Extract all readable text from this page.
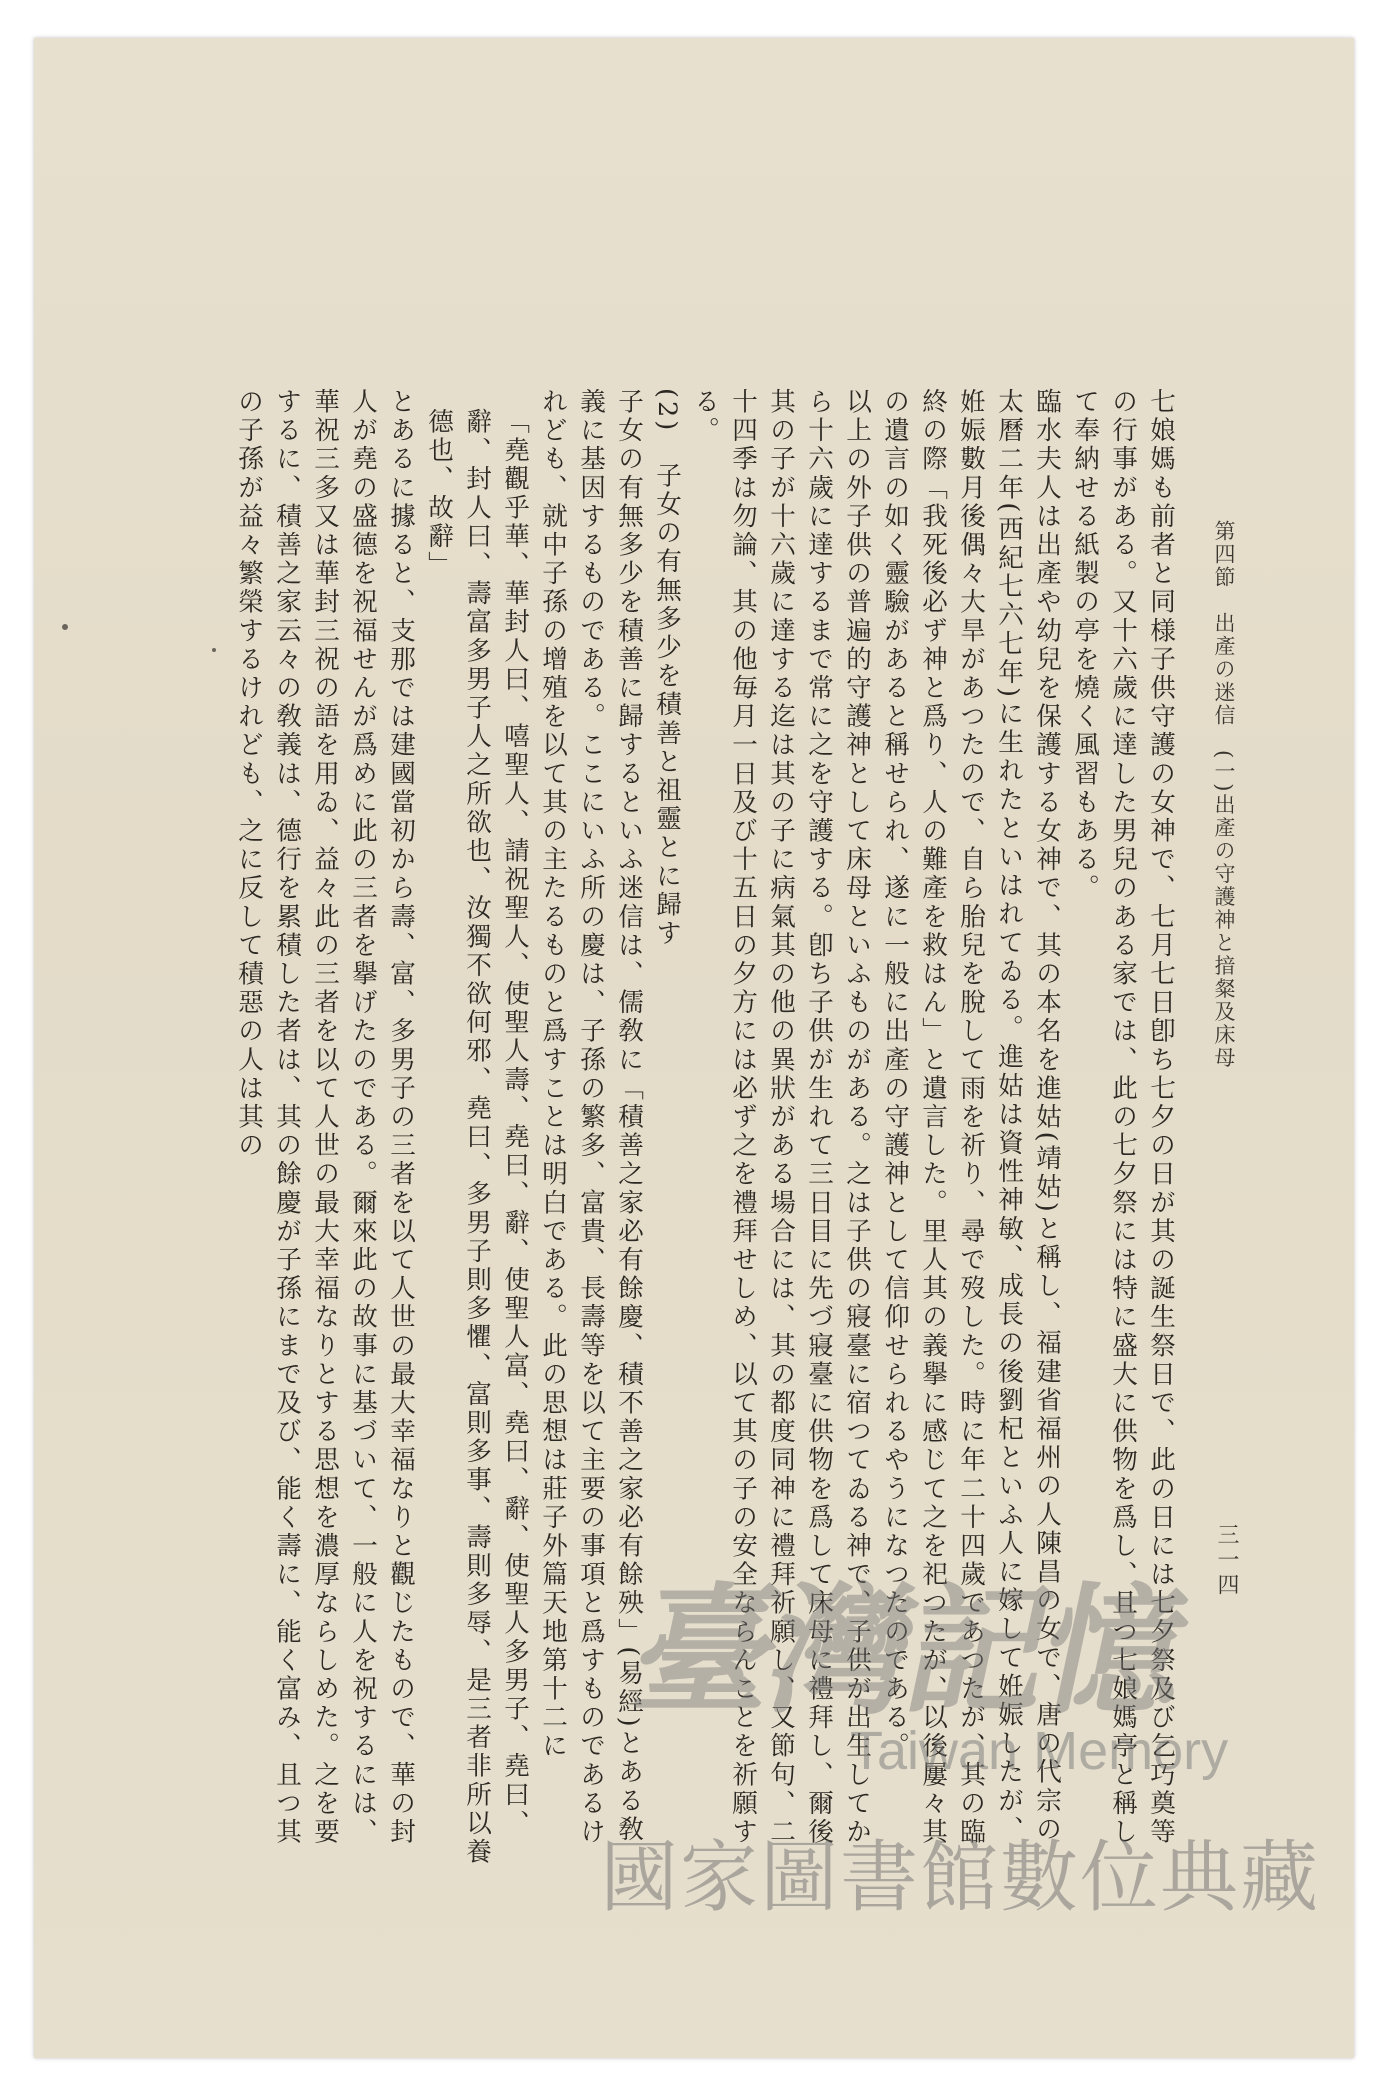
第四節　出產の迷信　(一)出產の守護神と揞粲及床母
三一四

七娘媽も前者と同様子供守護の女神で、七月七日卽ち七夕の日が其の誕生祭日で、此の日には七夕祭及び乞巧奠等の行事がある。又十六歲に達した男兒のある家では、此の七夕祭には特に盛大に供物を爲し、且つ七娘媽亭と稱して奉納せる紙製の亭を燒く風習もある。

臨水夫人は出產や幼兒を保護する女神で、其の本名を進姑(靖姑)と稱し、福建省福州の人陳昌の女で、唐の代宗の太曆二年(西紀七六七年)に生れたといはれてゐる。進姑は資性神敏、成長の後劉杞といふ人に嫁して姙娠したが、姙娠數月後偶々大旱があつたので、自ら胎兒を脫して雨を祈り、尋で歿した。時に年二十四歲であつたが、其の臨終の際「我死後必ず神と爲り、人の難產を救はん」と遺言した。里人其の義擧に感じて之を祀つたが、以後屢々其の遺言の如く靈驗があると稱せられ、遂に一般に出產の守護神として信仰せられるやうになつたのである。

以上の外子供の普遍的守護神として床母といふものがある。之は子供の寢臺に宿つてゐる神で、子供が出生してから十六歲に達するまで常に之を守護する。卽ち子供が生れて三日目に先づ寢臺に供物を爲して床母に禮拜し、爾後其の子が十六歲に達する迄は其の子に病氣其の他の異狀がある場合には、其の都度同神に禮拜祈願し、又節句、二十四季は勿論、其の他毎月一日及び十五日の夕方には必ず之を禮拜せしめ、以て其の子の安全ならんことを祈願する。

(2)　子女の有無多少を積善と祖靈とに歸す

子女の有無多少を積善に歸するといふ迷信は、儒敎に「積善之家必有餘慶、積不善之家必有餘殃」(易經)とある敎義に基因するものである。ここにいふ所の慶は、子孫の繁多、富貴、長壽等を以て主要の事項と爲すものであるけれども、就中子孫の增殖を以て其の主たるものと爲すことは明白である。此の思想は莊子外篇天地第十二に

「堯觀乎華、華封人曰、嘻聖人、請祝聖人、使聖人壽、堯曰、辭、使聖人富、堯曰、辭、使聖人多男子、堯曰、辭、封人曰、壽富多男子人之所欲也、汝獨不欲何邪、堯曰、多男子則多懼、富則多事、壽則多辱、是三者非所以養德也、故辭」

とあるに據ると、支那では建國當初から壽、富、多男子の三者を以て人世の最大幸福なりと觀じたもので、華の封人が堯の盛德を祝福せんが爲めに此の三者を擧げたのである。爾來此の故事に基づいて、一般に人を祝するには、華祝三多又は華封三祝の語を用ゐ、益々此の三者を以て人世の最大幸福なりとする思想を濃厚ならしめた。之を要するに、積善之家云々の敎義は、德行を累積した者は、其の餘慶が子孫にまで及び、能く壽に、能く富み、且つ其の子孫が益々繁榮するけれども、之に反して積惡の人は其の

臺灣記憶
Taiwan Memory
國家圖書館數位典藏
